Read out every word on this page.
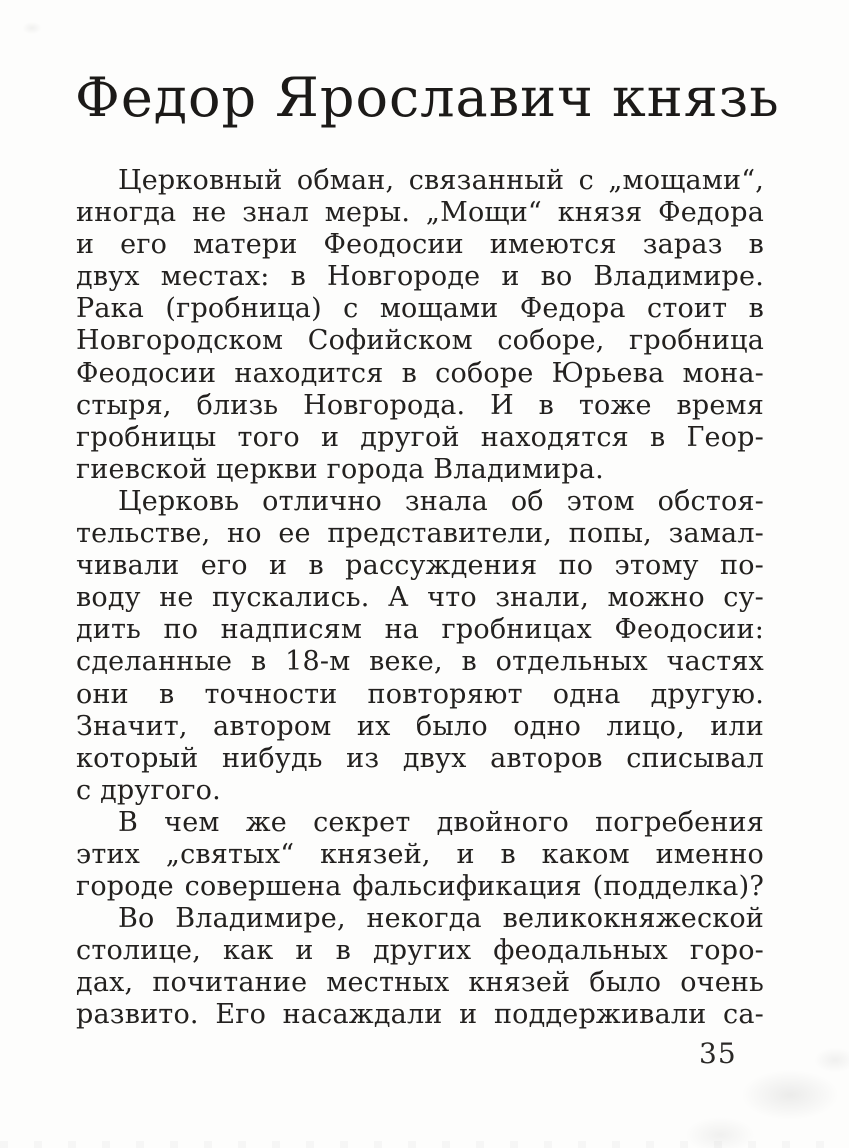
Федор Ярославич князь
Церковный обман, связанный с „мощами“,
иногда не знал меры. „Мощи“ князя Федора
и его матери Феодосии имеются зараз в
двух местах: в Новгороде и во Владимире.
Рака (гробница) с мощами Федора стоит в
Новгородском Софийском соборе, гробница
Феодосии находится в соборе Юрьева мона-
стыря, близь Новгорода. И в тоже время
гробницы того и другой находятся в Геор-
гиевской церкви города Владимира.
Церковь отлично знала об этом обстоя-
тельстве, но ее представители, попы, замал-
чивали его и в рассуждения по этому по-
воду не пускались. А что знали, можно су-
дить по надписям на гробницах Феодосии:
сделанные в 18-м веке, в отдельных частях
они в точности повторяют одна другую.
Значит, автором их было одно лицо, или
который нибудь из двух авторов списывал
с другого.
В чем же секрет двойного погребения
этих „святых“ князей, и в каком именно
городе совершена фальсификация (подделка)?
Во Владимире, некогда великокняжеской
столице, как и в других феодальных горо-
дах, почитание местных князей было очень
развито. Его насаждали и поддерживали са-
35
